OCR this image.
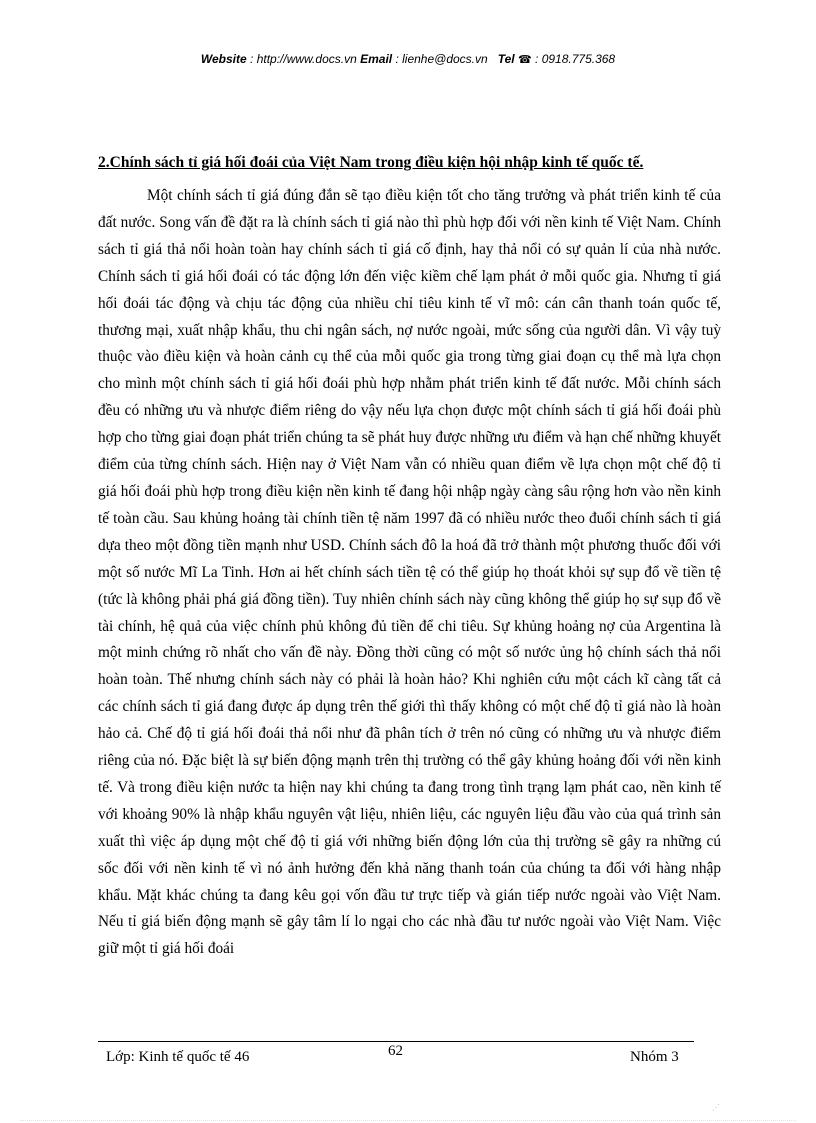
Website : http://www.docs.vn Email : lienhe@docs.vn Tel ☎ : 0918.775.368
2.Chính sách tỉ giá hối đoái của Việt Nam trong điều kiện hội nhập kinh tế quốc tế.
Một chính sách tỉ giá đúng đắn sẽ tạo điều kiện tốt cho tăng trưởng và phát triển kinh tế của đất nước. Song vấn đề đặt ra là chính sách tỉ giá nào thì phù hợp đối với nền kinh tế Việt Nam. Chính sách tỉ giá thả nổi hoàn toàn hay chính sách tỉ giá cố định, hay thả nổi có sự quản lí của nhà nước. Chính sách tỉ giá hối đoái có tác động lớn đến việc kiềm chế lạm phát ở mỗi quốc gia. Nhưng tỉ giá hối đoái tác động và chịu tác động của nhiều chỉ tiêu kinh tế vĩ mô: cán cân thanh toán quốc tế, thương mại, xuất nhập khẩu, thu chi ngân sách, nợ nước ngoài, mức sống của người dân. Vì vậy tuỳ thuộc vào điều kiện và hoàn cảnh cụ thể của mỗi quốc gia trong từng giai đoạn cụ thể mà lựa chọn cho mình một chính sách tỉ giá hối đoái phù hợp nhằm phát triển kinh tế đất nước. Mỗi chính sách đều có những ưu và nhược điểm riêng do vậy nếu lựa chọn được một chính sách tỉ giá hối đoái phù hợp cho từng giai đoạn phát triển chúng ta sẽ phát huy được những ưu điểm và hạn chế những khuyết điểm của từng chính sách. Hiện nay ở Việt Nam vẫn có nhiều quan điểm về lựa chọn một chế độ tỉ giá hối đoái phù hợp trong điều kiện nền kinh tế đang hội nhập ngày càng sâu rộng hơn vào nền kinh tế toàn cầu. Sau khủng hoảng tài chính tiền tệ năm 1997 đã có nhiều nước theo đuổi chính sách tỉ giá dựa theo một đồng tiền mạnh như USD. Chính sách đô la hoá đã trở thành một phương thuốc đối với một số nước Mĩ La Tinh. Hơn ai hết chính sách tiền tệ có thể giúp họ thoát khỏi sự sụp đổ về tiền tệ (tức là không phải phá giá đồng tiền). Tuy nhiên chính sách này cũng không thể giúp họ sự sụp đổ về tài chính, hệ quả của việc chính phủ không đủ tiền để chi tiêu. Sự khủng hoảng nợ của Argentina là một minh chứng rõ nhất cho vấn đề này. Đồng thời cũng có một số nước ủng hộ chính sách thả nổi hoàn toàn. Thế nhưng chính sách này có phải là hoàn hảo? Khi nghiên cứu một cách kĩ càng tất cả các chính sách tỉ giá đang được áp dụng trên thế giới thì thấy không có một chế độ tỉ giá nào là hoàn hảo cả. Chế độ tỉ giá hối đoái thả nổi như đã phân tích ở trên nó cũng có những ưu và nhược điểm riêng của nó. Đặc biệt là sự biến động mạnh trên thị trường có thể gây khủng hoảng đối với nền kinh tế. Và trong điều kiện nước ta hiện nay khi chúng ta đang trong tình trạng lạm phát cao, nền kinh tế với khoảng 90% là nhập khẩu nguyên vật liệu, nhiên liệu, các nguyên liệu đầu vào của quá trình sản xuất thì việc áp dụng một chế độ tỉ giá với những biến động lớn của thị trường sẽ gây ra những cú sốc đối với nền kinh tế vì nó ảnh hưởng đến khả năng thanh toán của chúng ta đối với hàng nhập khẩu. Mặt khác chúng ta đang kêu gọi vốn đầu tư trực tiếp và gián tiếp nước ngoài vào Việt Nam. Nếu tỉ giá biến động mạnh sẽ gây tâm lí lo ngại cho các nhà đầu tư nước ngoài vào Việt Nam. Việc giữ một tỉ giá hối đoái
Lớp: Kinh tế quốc tế 46	62	Nhóm 3
⋰
